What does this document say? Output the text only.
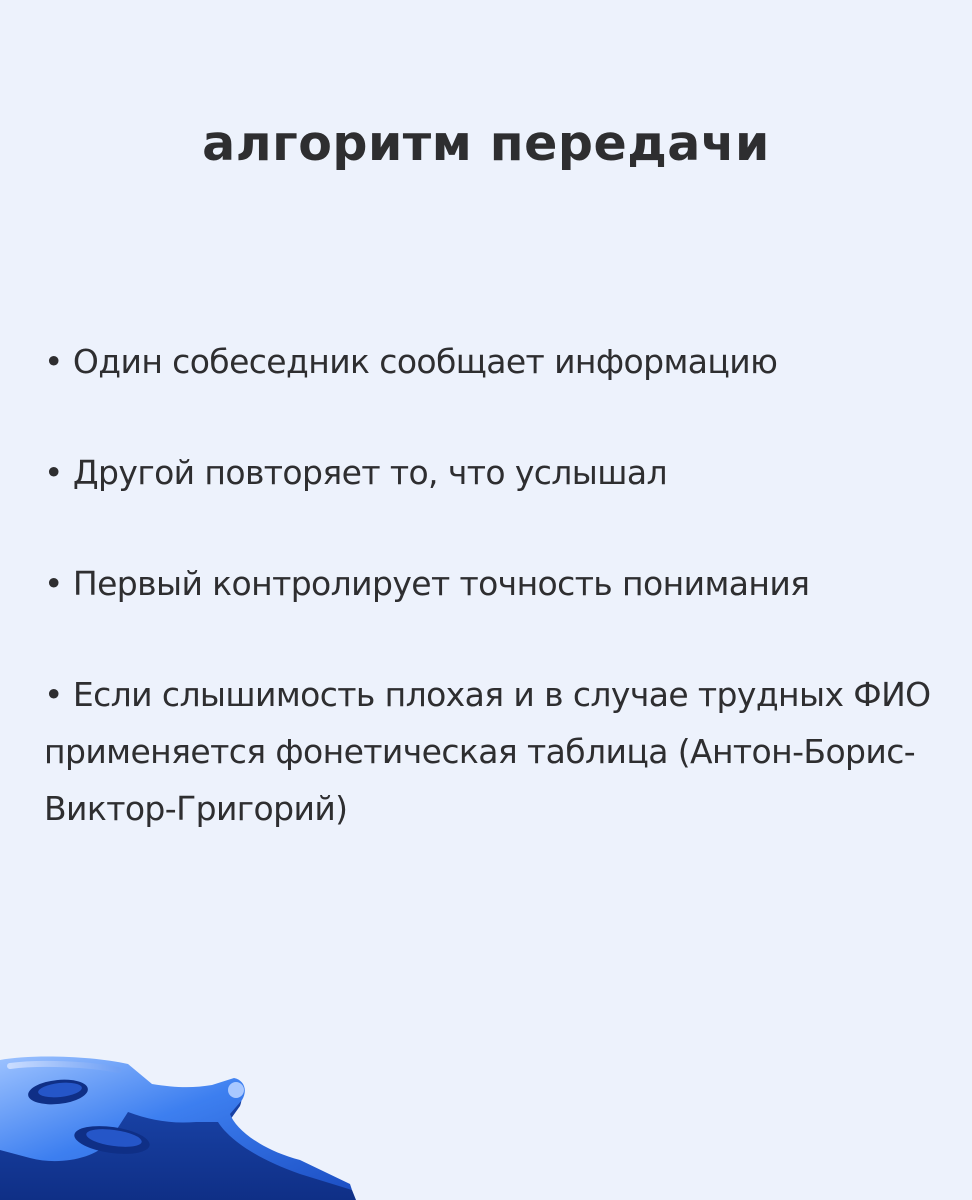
алгоритм передачи
• Один собеседник сообщает информацию
• Другой повторяет то, что услышал
• Первый контролирует точность понимания
• Если слышимость плохая и в случае трудных ФИО применяется фонетическая таблица (Антон-Борис-Виктор-Григорий)
